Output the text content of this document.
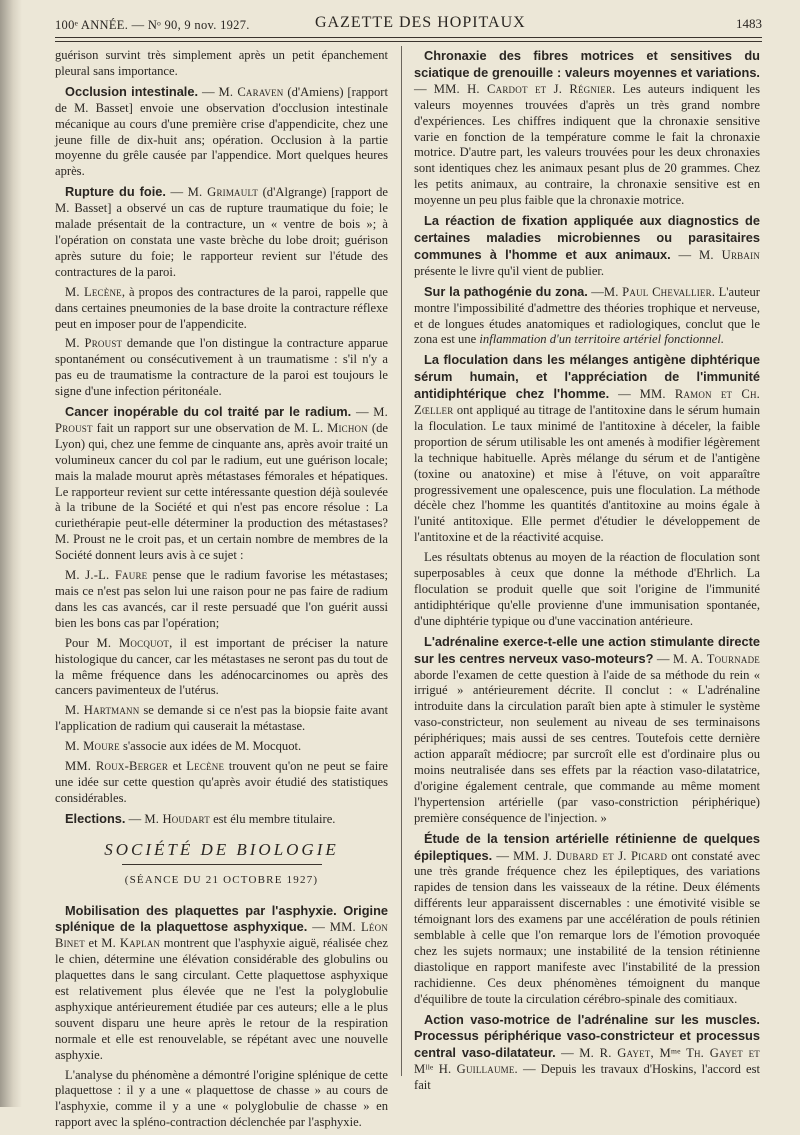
100ᵉ ANNÉE. — Nᵒ 90, 9 nov. 1927.	GAZETTE DES HOPITAUX	1483

guérison survint très simplement après un petit épanchement pleural sans importance.

Occlusion intestinale. — M. Caraven (d'Amiens) [rapport de M. Basset] envoie une observation d'occlusion intestinale mécanique au cours d'une première crise d'appendicite, chez une jeune fille de dix-huit ans; opération. Occlusion à la partie moyenne du grêle causée par l'appendice. Mort quelques heures après.

Rupture du foie. — M. Grimault (d'Algrange) [rapport de M. Basset] a observé un cas de rupture traumatique du foie; le malade présentait de la contracture, un « ventre de bois »; à l'opération on constata une vaste brèche du lobe droit; guérison après suture du foie; le rapporteur revient sur l'étude des contractures de la paroi.

M. Lecène, à propos des contractures de la paroi, rappelle que dans certaines pneumonies de la base droite la contracture réflexe peut en imposer pour de l'appendicite.

M. Proust demande que l'on distingue la contracture apparue spontanément ou consécutivement à un traumatisme : s'il n'y a pas eu de traumatisme la contracture de la paroi est toujours le signe d'une infection péritonéale.

Cancer inopérable du col traité par le radium. — M. Proust fait un rapport sur une observation de M. L. Michon (de Lyon) qui, chez une femme de cinquante ans, après avoir traité un volumineux cancer du col par le radium, eut une guérison locale; mais la malade mourut après métastases fémorales et hépatiques. Le rapporteur revient sur cette intéressante question déjà soulevée à la tribune de la Société et qui n'est pas encore résolue : La curiethérapie peut-elle déterminer la production des métastases? M. Proust ne le croit pas, et un certain nombre de membres de la Société donnent leurs avis à ce sujet :

M. J.-L. Faure pense que le radium favorise les métastases; mais ce n'est pas selon lui une raison pour ne pas faire de radium dans les cas avancés, car il reste persuadé que l'on guérit aussi bien les bons cas par l'opération;

Pour M. Mocquot, il est important de préciser la nature histologique du cancer, car les métastases ne seront pas du tout de la même fréquence dans les adénocarcinomes ou après des cancers pavimenteux de l'utérus.

M. Hartmann se demande si ce n'est pas la biopsie faite avant l'application de radium qui causerait la métastase.

M. Moure s'associe aux idées de M. Mocquot.

MM. Roux-Berger et Lecène trouvent qu'on ne peut se faire une idée sur cette question qu'après avoir étudié des statistiques considérables.

Elections. — M. Houdart est élu membre titulaire.

SOCIÉTÉ DE BIOLOGIE
(SÉANCE DU 21 OCTOBRE 1927)

Mobilisation des plaquettes par l'asphyxie. Origine splénique de la plaquettose asphyxique. — MM. Léon Binet et M. Kaplan montrent que l'asphyxie aiguë, réalisée chez le chien, détermine une élévation considérable des globulins ou plaquettes dans le sang circulant. Cette plaquettose asphyxique est relativement plus élevée que ne l'est la polyglobulie asphyxique antérieurement étudiée par ces auteurs; elle a le plus souvent disparu une heure après le retour de la respiration normale et elle est renouvelable, se répétant avec une nouvelle asphyxie.

L'analyse du phénomène a démontré l'origine splénique de cette plaquettose : il y a une « plaquettose de chasse » au cours de l'asphyxie, comme il y a une « polyglobulie de chasse » en rapport avec la spléno-contraction déclenchée par l'asphyxie.

Chronaxie des fibres motrices et sensitives du sciatique de grenouille : valeurs moyennes et variations. — MM. H. Cardot et J. Régnier. Les auteurs indiquent les valeurs moyennes trouvées d'après un très grand nombre d'expériences. Les chiffres indiquent que la chronaxie sensitive varie en fonction de la température comme le fait la chronaxie motrice. D'autre part, les valeurs trouvées pour les deux chronaxies sont identiques chez les animaux pesant plus de 20 grammes. Chez les petits animaux, au contraire, la chronaxie sensitive est en moyenne un peu plus faible que la chronaxie motrice.

La réaction de fixation appliquée aux diagnostics de certaines maladies microbiennes ou parasitaires communes à l'homme et aux animaux. — M. Urbain présente le livre qu'il vient de publier.

Sur la pathogénie du zona. —M. Paul Chevallier. L'auteur montre l'impossibilité d'admettre des théories trophique et nerveuse, et de longues études anatomiques et radiologiques, conclut que le zona est une inflammation d'un territoire artériel fonctionnel.

La floculation dans les mélanges antigène diphtérique sérum humain, et l'appréciation de l'immunité antidiphtérique chez l'homme. — MM. Ramon et Ch. Zœller ont appliqué au titrage de l'antitoxine dans le sérum humain la floculation. Le taux minimé de l'antitoxine à déceler, la faible proportion de sérum utilisable les ont amenés à modifier légèrement la technique habituelle. Après mélange du sérum et de l'antigène (toxine ou anatoxine) et mise à l'étuve, on voit apparaître progressivement une opalescence, puis une floculation. La méthode décèle chez l'homme les quantités d'antitoxine au moins égale à l'unité antitoxique. Elle permet d'étudier le développement de l'antitoxine et de la réactivité acquise.

Les résultats obtenus au moyen de la réaction de floculation sont superposables à ceux que donne la méthode d'Ehrlich. La floculation se produit quelle que soit l'origine de l'immunité antidiphtérique qu'elle provienne d'une immunisation spontanée, d'une diphtérie typique ou d'une vaccination antérieure.

L'adrénaline exerce-t-elle une action stimulante directe sur les centres nerveux vaso-moteurs? — M. A. Tournade aborde l'examen de cette question à l'aide de sa méthode du rein « irrigué » antérieurement décrite. Il conclut : « L'adrénaline introduite dans la circulation paraît bien apte à stimuler le système vaso-constricteur, non seulement au niveau de ses terminaisons périphériques; mais aussi de ses centres. Toutefois cette dernière action apparaît médiocre; par surcroît elle est d'ordinaire plus ou moins neutralisée dans ses effets par la réaction vaso-dilatatrice, d'origine également centrale, que commande au même moment l'hypertension artérielle (par vaso-constriction périphérique) première conséquence de l'injection. »

Étude de la tension artérielle rétinienne de quelques épileptiques. — MM. J. Dubard et J. Picard ont constaté avec une très grande fréquence chez les épileptiques, des variations rapides de tension dans les vaisseaux de la rétine. Deux éléments différents leur apparaissent discernables : une émotivité visible se témoignant lors des examens par une accélération de pouls rétinien semblable à celle que l'on remarque lors de l'émotion provoquée chez les sujets normaux; une instabilité de la tension rétinienne diastolique en rapport manifeste avec l'instabilité de la pression rachidienne. Ces deux phénomènes témoignent du manque d'équilibre de toute la circulation cérébro-spinale des comitiaux.

Action vaso-motrice de l'adrénaline sur les muscles. Processus périphérique vaso-constricteur et processus central vaso-dilatateur. — M. R. Gayet, Mᵐᵉ Th. Gayet et Mˡˡᵉ H. Guillaume. — Depuis les travaux d'Hoskins, l'accord est fait
